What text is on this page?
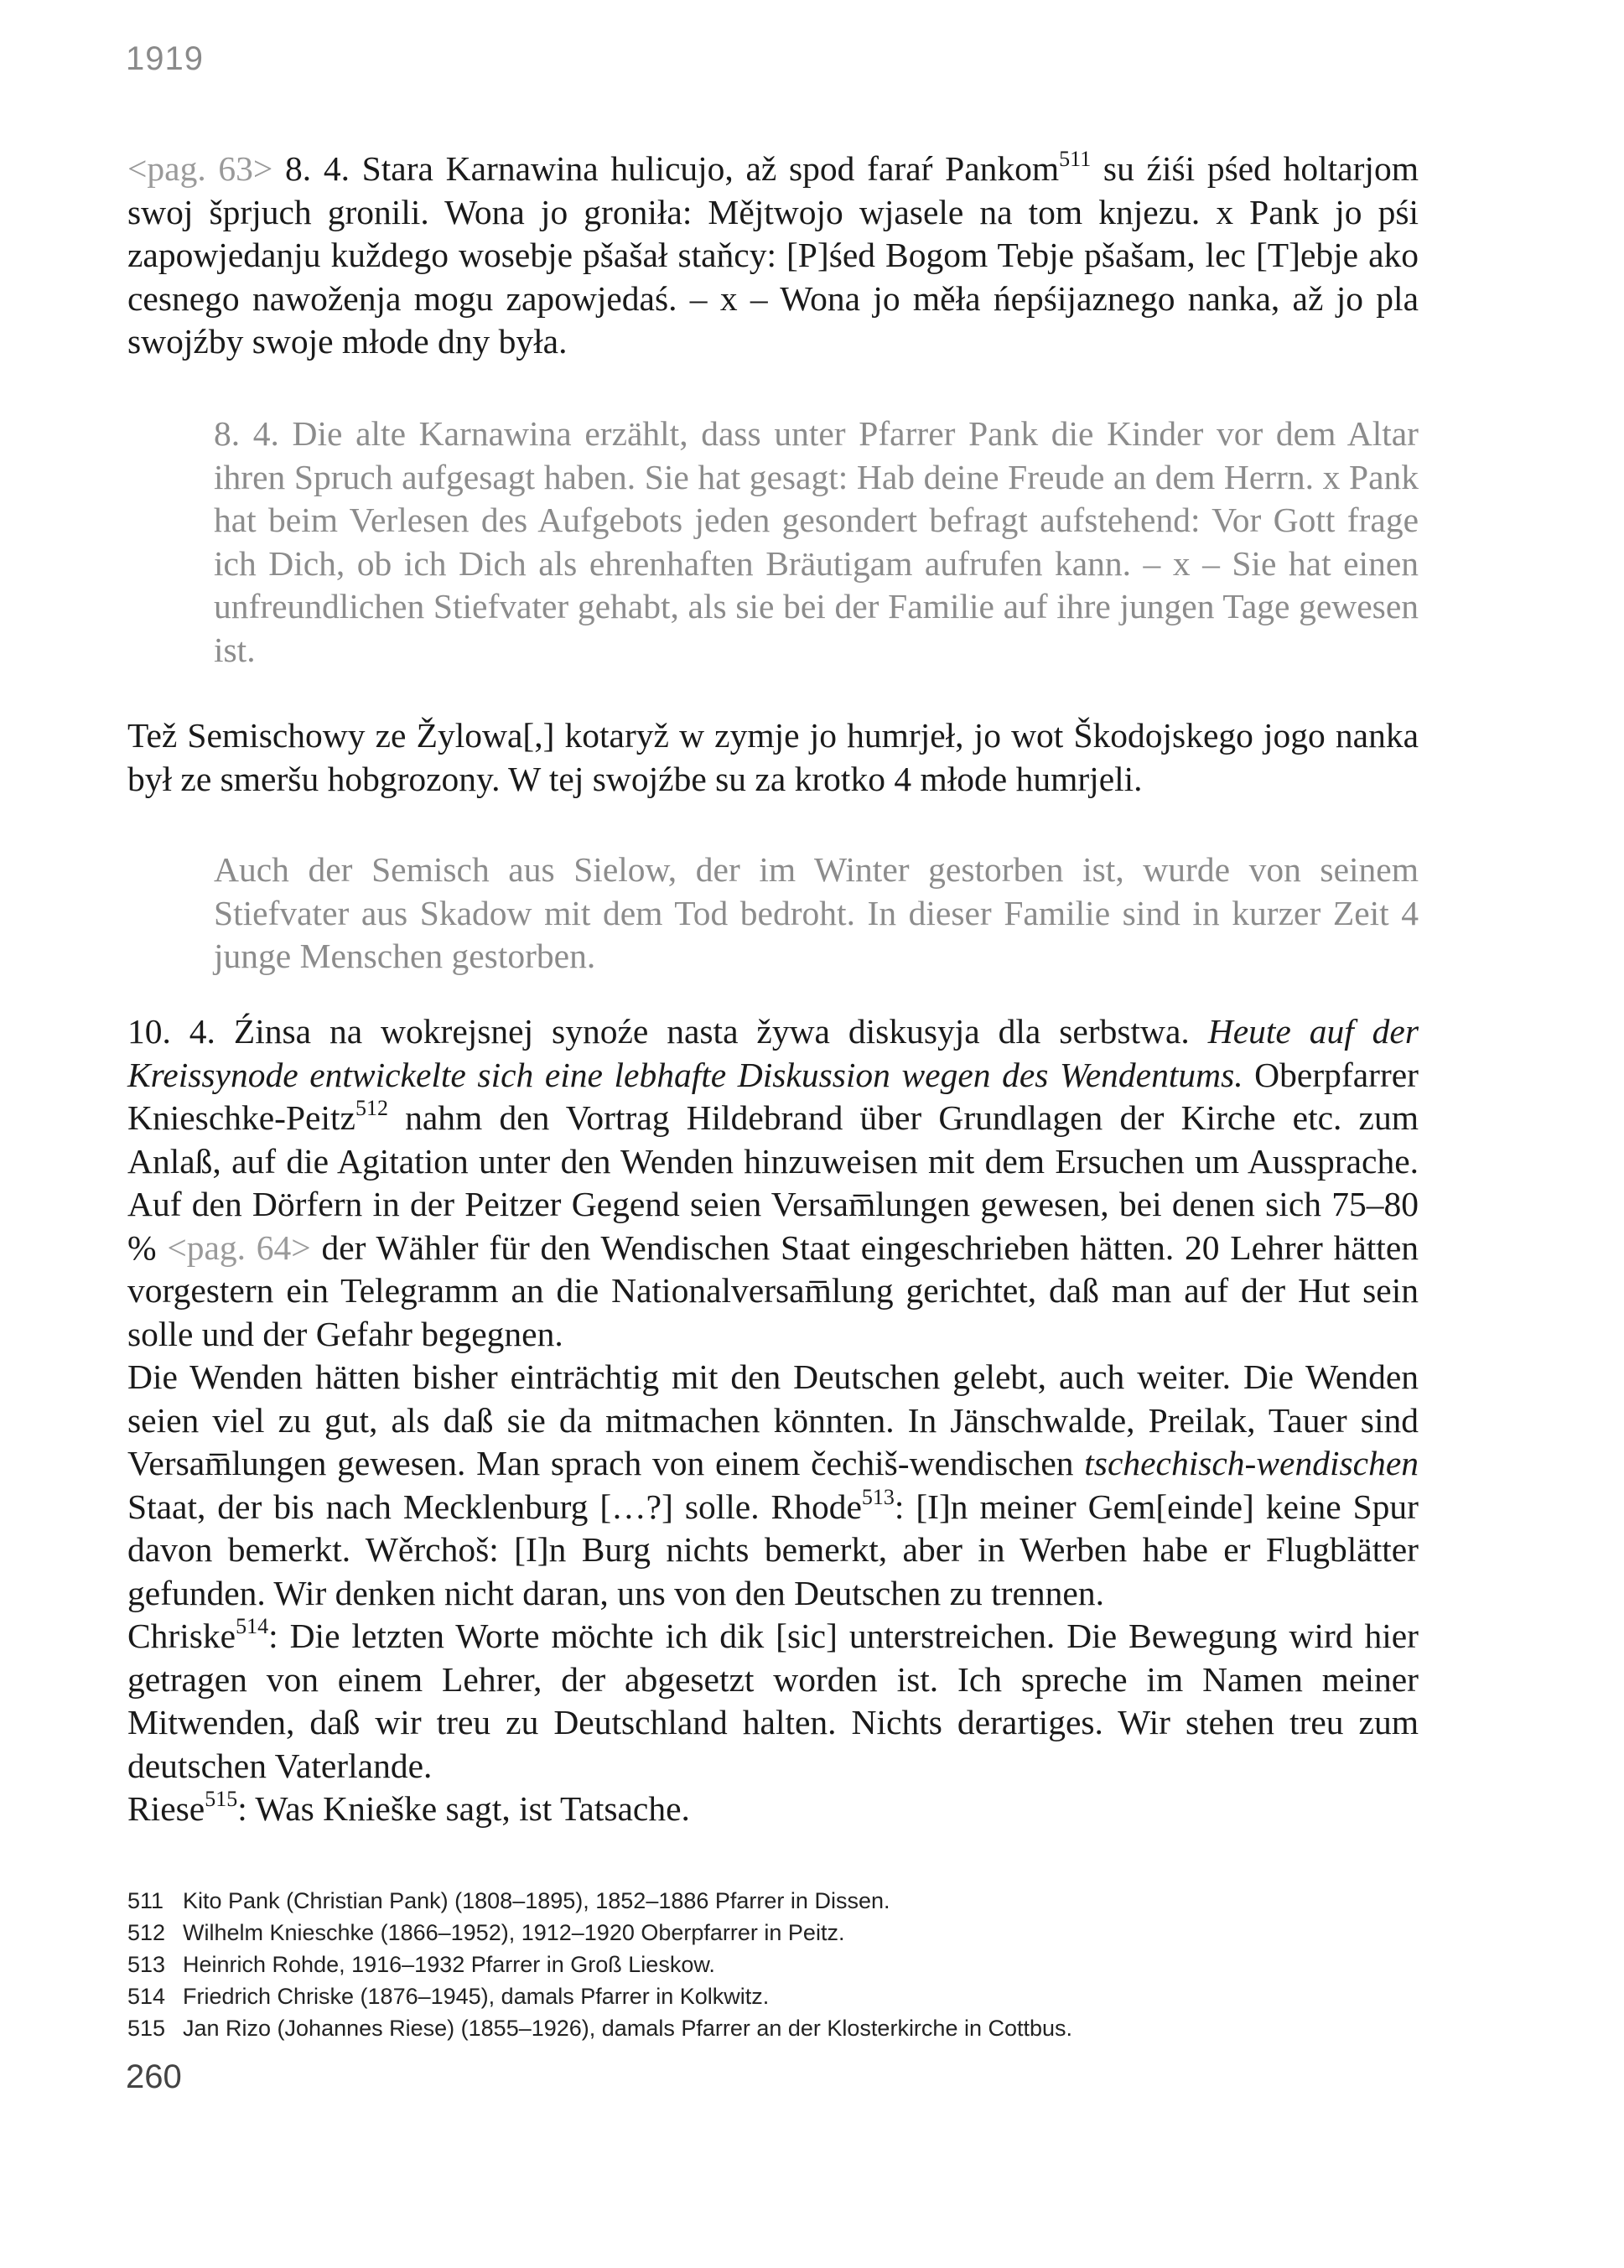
1919

<pag. 63> 8. 4. Stara Karnawina hulicujo, až spod faraŕ Pankom$^{511}$ su źiśi pśed holtarjom swoj šprjuch gronili. Wona jo groniła: Mějtwojo wjasele na tom knjezu. x Pank jo pśi zapowjedanju kuždego wosebje pšašał staňcy: [P]śed Bogom Tebje pšašam, lec [T]ebje ako cesnego nawoženja mogu zapowjedaś. – x – Wona jo měła ńepśijaznego nanka, až jo pla swojźby swoje młode dny była.

8. 4. Die alte Karnawina erzählt, dass unter Pfarrer Pank die Kinder vor dem Altar ihren Spruch aufgesagt haben. Sie hat gesagt: Hab deine Freude an dem Herrn. x Pank hat beim Verlesen des Aufgebots jeden gesondert befragt aufstehend: Vor Gott frage ich Dich, ob ich Dich als ehrenhaften Bräutigam aufrufen kann. – x – Sie hat einen unfreundlichen Stiefvater gehabt, als sie bei der Familie auf ihre jungen Tage gewesen ist.

Tež Semischowy ze Žylowa[,] kotaryž w zymje jo humrjeł, jo wot Škodojskego jogo nanka był ze smeršu hobgrozony. W tej swojźbe su za krotko 4 młode humrjeli.

Auch der Semisch aus Sielow, der im Winter gestorben ist, wurde von seinem Stiefvater aus Skadow mit dem Tod bedroht. In dieser Familie sind in kurzer Zeit 4 junge Menschen gestorben.

10. 4. Źinsa na wokrejsnej synoźe nasta žywa diskusyja dla serbstwa. Heute auf der Kreissynode entwickelte sich eine lebhafte Diskussion wegen des Wendentums. Oberpfarrer Knieschke-Peitz$^{512}$ nahm den Vortrag Hildebrand über Grundlagen der Kirche etc. zum Anlaß, auf die Agitation unter den Wenden hinzuweisen mit dem Ersuchen um Aussprache. Auf den Dörfern in der Peitzer Gegend seien Versam̅lungen gewesen, bei denen sich 75–80 % <pag. 64> der Wähler für den Wendischen Staat eingeschrieben hätten. 20 Lehrer hätten vorgestern ein Telegramm an die Nationalversam̅lung gerichtet, daß man auf der Hut sein solle und der Gefahr begegnen.

Die Wenden hätten bisher einträchtig mit den Deutschen gelebt, auch weiter. Die Wenden seien viel zu gut, als daß sie da mitmachen könnten. In Jänschwalde, Preilak, Tauer sind Versam̅lungen gewesen. Man sprach von einem čechiš-wendischen tschechisch-wendischen Staat, der bis nach Mecklenburg […?] solle. Rhode$^{513}$: [I]n meiner Gem[einde] keine Spur davon bemerkt. Wěrchoš: [I]n Burg nichts bemerkt, aber in Werben habe er Flugblätter gefunden. Wir denken nicht daran, uns von den Deutschen zu trennen.

Chriske$^{514}$: Die letzten Worte möchte ich dik [sic] unterstreichen. Die Bewegung wird hier getragen von einem Lehrer, der abgesetzt worden ist. Ich spreche im Namen meiner Mitwenden, daß wir treu zu Deutschland halten. Nichts derartiges. Wir stehen treu zum deutschen Vaterlande.

Riese$^{515}$: Was Knieške sagt, ist Tatsache.

511 Kito Pank (Christian Pank) (1808–1895), 1852–1886 Pfarrer in Dissen.
512 Wilhelm Knieschke (1866–1952), 1912–1920 Oberpfarrer in Peitz.
513 Heinrich Rohde, 1916–1932 Pfarrer in Groß Lieskow.
514 Friedrich Chriske (1876–1945), damals Pfarrer in Kolkwitz.
515 Jan Rizo (Johannes Riese) (1855–1926), damals Pfarrer an der Klosterkirche in Cottbus.
260
